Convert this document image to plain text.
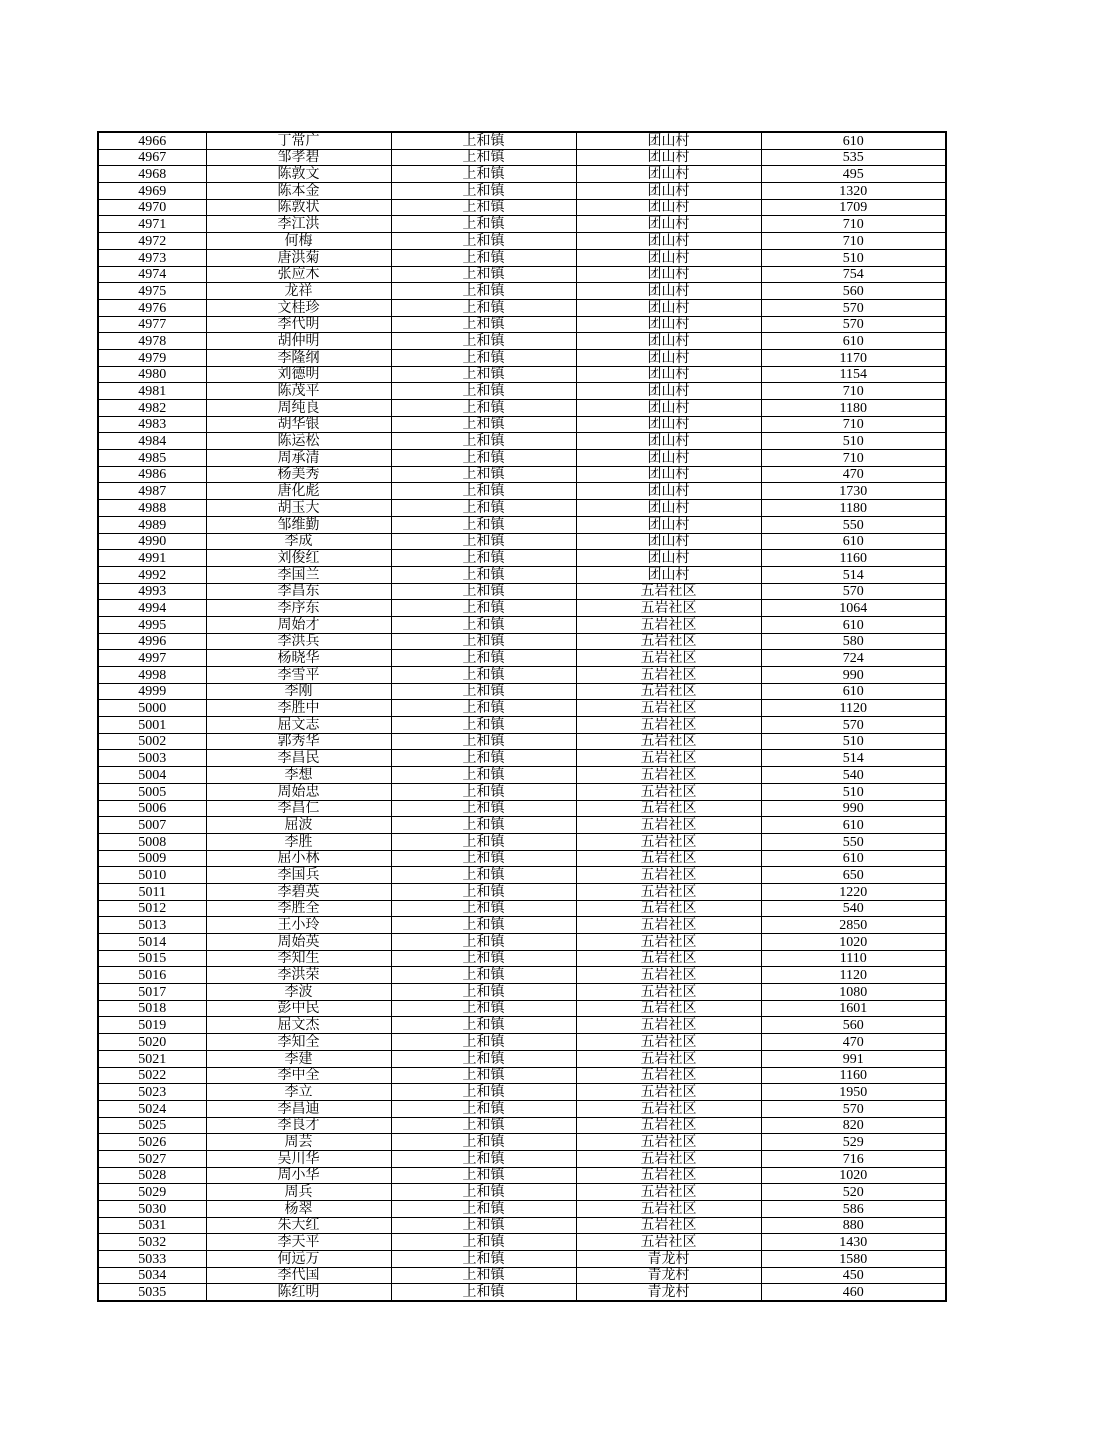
4966	丁常广	上和镇	团山村	610
4967	邹孝碧	上和镇	团山村	535
4968	陈敦文	上和镇	团山村	495
4969	陈本金	上和镇	团山村	1320
4970	陈敦状	上和镇	团山村	1709
4971	李江洪	上和镇	团山村	710
4972	何梅	上和镇	团山村	710
4973	唐洪菊	上和镇	团山村	510
4974	张应木	上和镇	团山村	754
4975	龙祥	上和镇	团山村	560
4976	文桂珍	上和镇	团山村	570
4977	李代明	上和镇	团山村	570
4978	胡仲明	上和镇	团山村	610
4979	李隆纲	上和镇	团山村	1170
4980	刘德明	上和镇	团山村	1154
4981	陈茂平	上和镇	团山村	710
4982	周纯良	上和镇	团山村	1180
4983	胡华银	上和镇	团山村	710
4984	陈运松	上和镇	团山村	510
4985	周承清	上和镇	团山村	710
4986	杨美秀	上和镇	团山村	470
4987	唐化彪	上和镇	团山村	1730
4988	胡玉大	上和镇	团山村	1180
4989	邹维勤	上和镇	团山村	550
4990	李成	上和镇	团山村	610
4991	刘俊红	上和镇	团山村	1160
4992	李国兰	上和镇	团山村	514
4993	李昌东	上和镇	五岩社区	570
4994	李序东	上和镇	五岩社区	1064
4995	周始才	上和镇	五岩社区	610
4996	李洪兵	上和镇	五岩社区	580
4997	杨晓华	上和镇	五岩社区	724
4998	李雪平	上和镇	五岩社区	990
4999	李刚	上和镇	五岩社区	610
5000	李胜中	上和镇	五岩社区	1120
5001	屈文志	上和镇	五岩社区	570
5002	郭秀华	上和镇	五岩社区	510
5003	李昌民	上和镇	五岩社区	514
5004	李想	上和镇	五岩社区	540
5005	周始忠	上和镇	五岩社区	510
5006	李昌仁	上和镇	五岩社区	990
5007	屈波	上和镇	五岩社区	610
5008	李胜	上和镇	五岩社区	550
5009	屈小林	上和镇	五岩社区	610
5010	李国兵	上和镇	五岩社区	650
5011	李碧英	上和镇	五岩社区	1220
5012	李胜全	上和镇	五岩社区	540
5013	王小玲	上和镇	五岩社区	2850
5014	周始英	上和镇	五岩社区	1020
5015	李知生	上和镇	五岩社区	1110
5016	李洪荣	上和镇	五岩社区	1120
5017	李波	上和镇	五岩社区	1080
5018	彭中民	上和镇	五岩社区	1601
5019	屈文杰	上和镇	五岩社区	560
5020	李知全	上和镇	五岩社区	470
5021	李建	上和镇	五岩社区	991
5022	李中全	上和镇	五岩社区	1160
5023	李立	上和镇	五岩社区	1950
5024	李昌迪	上和镇	五岩社区	570
5025	李良才	上和镇	五岩社区	820
5026	周芸	上和镇	五岩社区	529
5027	吴川华	上和镇	五岩社区	716
5028	周小华	上和镇	五岩社区	1020
5029	周兵	上和镇	五岩社区	520
5030	杨翠	上和镇	五岩社区	586
5031	朱大红	上和镇	五岩社区	880
5032	李天平	上和镇	五岩社区	1430
5033	何远万	上和镇	青龙村	1580
5034	李代国	上和镇	青龙村	450
5035	陈红明	上和镇	青龙村	460
